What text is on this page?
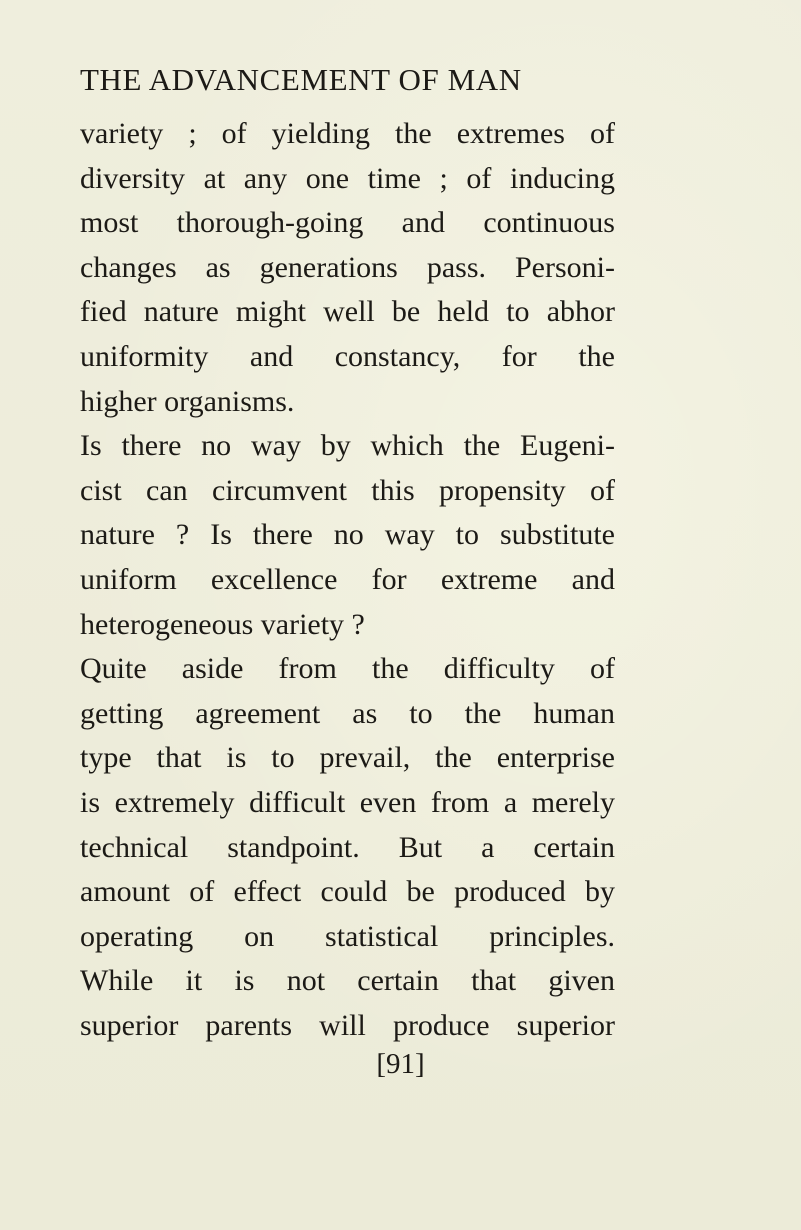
THE ADVANCEMENT OF MAN
variety ; of yielding the extremes of
diversity at any one time ; of inducing
most thorough-going and continuous
changes as generations pass. Personi-
fied nature might well be held to abhor
uniformity and constancy, for the
higher organisms.
Is there no way by which the Eugeni-
cist can circumvent this propensity of
nature ? Is there no way to substitute
uniform excellence for extreme and
heterogeneous variety ?
Quite aside from the difficulty of
getting agreement as to the human
type that is to prevail, the enterprise
is extremely difficult even from a merely
technical standpoint. But a certain
amount of effect could be produced by
operating on statistical principles.
While it is not certain that given
superior parents will produce superior
[91]
